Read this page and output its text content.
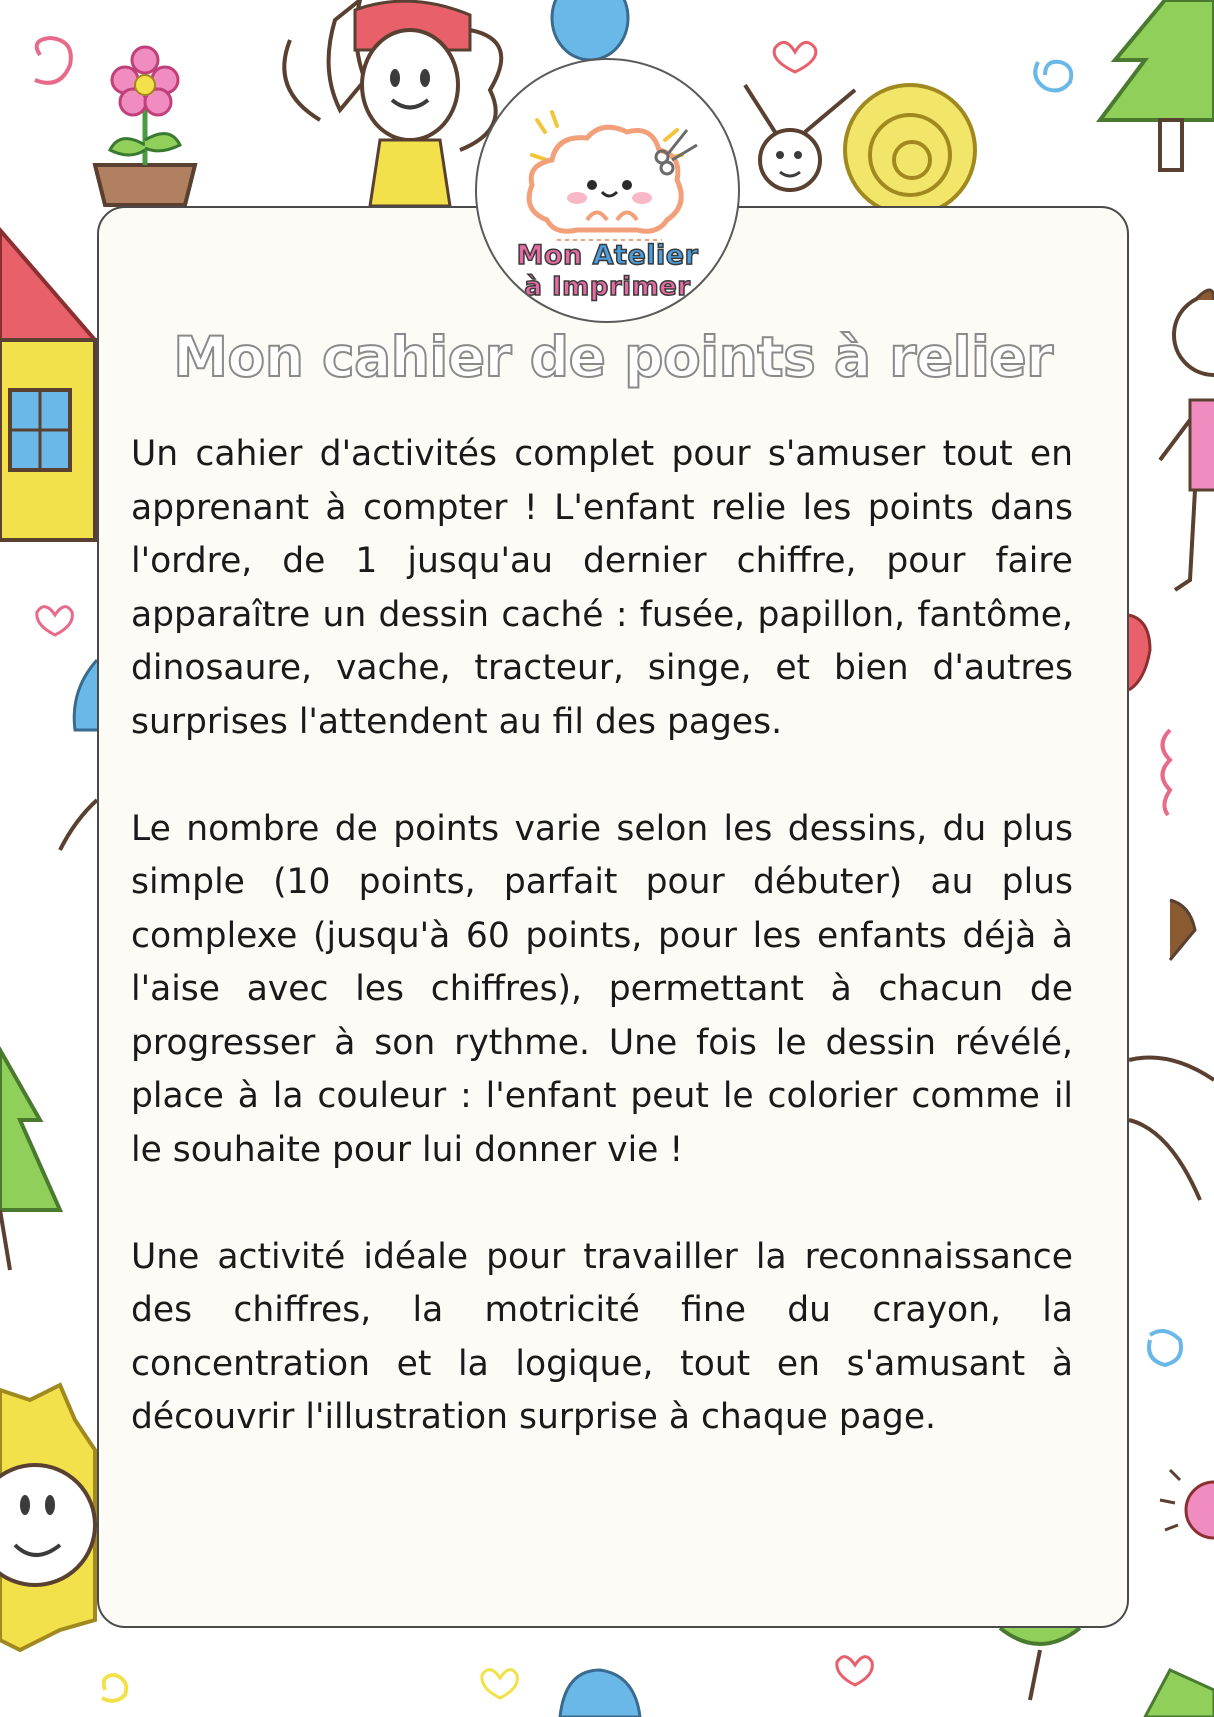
Mon Atelier
à Imprimer
Mon cahier de points à relier

Un cahier d'activités complet pour s'amuser tout en apprenant à compter ! L'enfant relie les points dans l'ordre, de 1 jusqu'au dernier chiffre, pour faire apparaître un dessin caché : fusée, papillon, fantôme, dinosaure, vache, tracteur, singe, et bien d'autres surprises l'attendent au fil des pages.

Le nombre de points varie selon les dessins, du plus simple (10 points, parfait pour débuter) au plus complexe (jusqu'à 60 points, pour les enfants déjà à l'aise avec les chiffres), permettant à chacun de progresser à son rythme. Une fois le dessin révélé, place à la couleur : l'enfant peut le colorier comme il le souhaite pour lui donner vie !

Une activité idéale pour travailler la reconnaissance des chiffres, la motricité fine du crayon, la concentration et la logique, tout en s'amusant à découvrir l'illustration surprise à chaque page.
